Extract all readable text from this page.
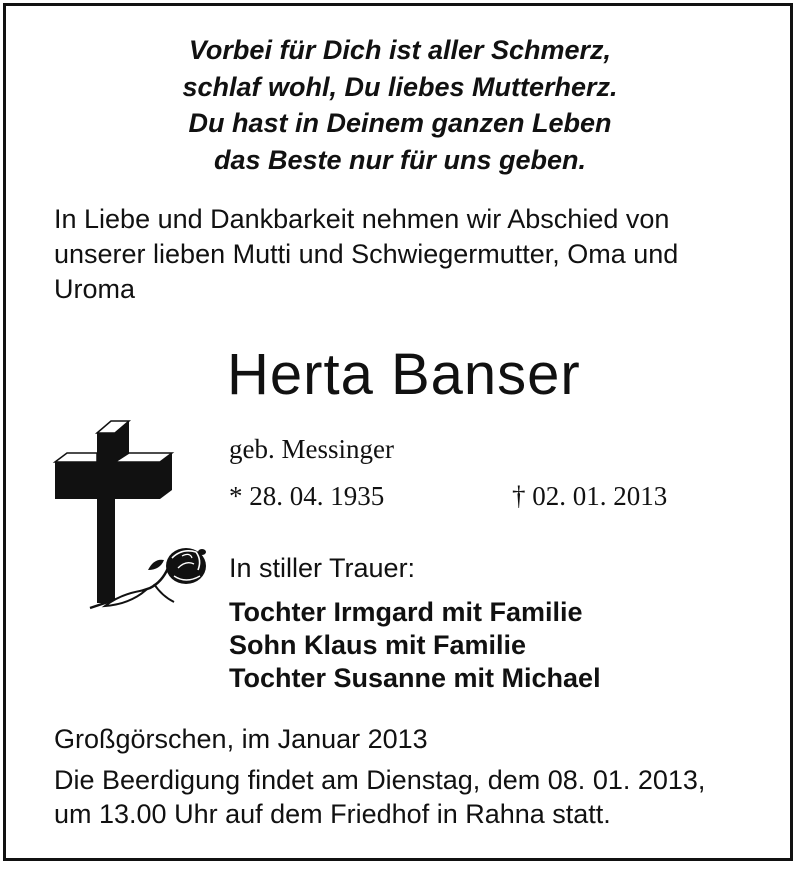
Vorbei für Dich ist aller Schmerz,
schlaf wohl, Du liebes Mutterherz.
Du hast in Deinem ganzen Leben
das Beste nur für uns geben.
In Liebe und Dankbarkeit nehmen wir Abschied von
unserer lieben Mutti und Schwiegermutter, Oma und
Uroma
Herta Banser
geb. Messinger
* 28. 04. 1935	† 02. 01. 2013
In stiller Trauer:
Tochter Irmgard mit Familie
Sohn Klaus mit Familie
Tochter Susanne mit Michael
Großgörschen, im Januar 2013
Die Beerdigung findet am Dienstag, dem 08. 01. 2013,
um 13.00 Uhr auf dem Friedhof in Rahna statt.
